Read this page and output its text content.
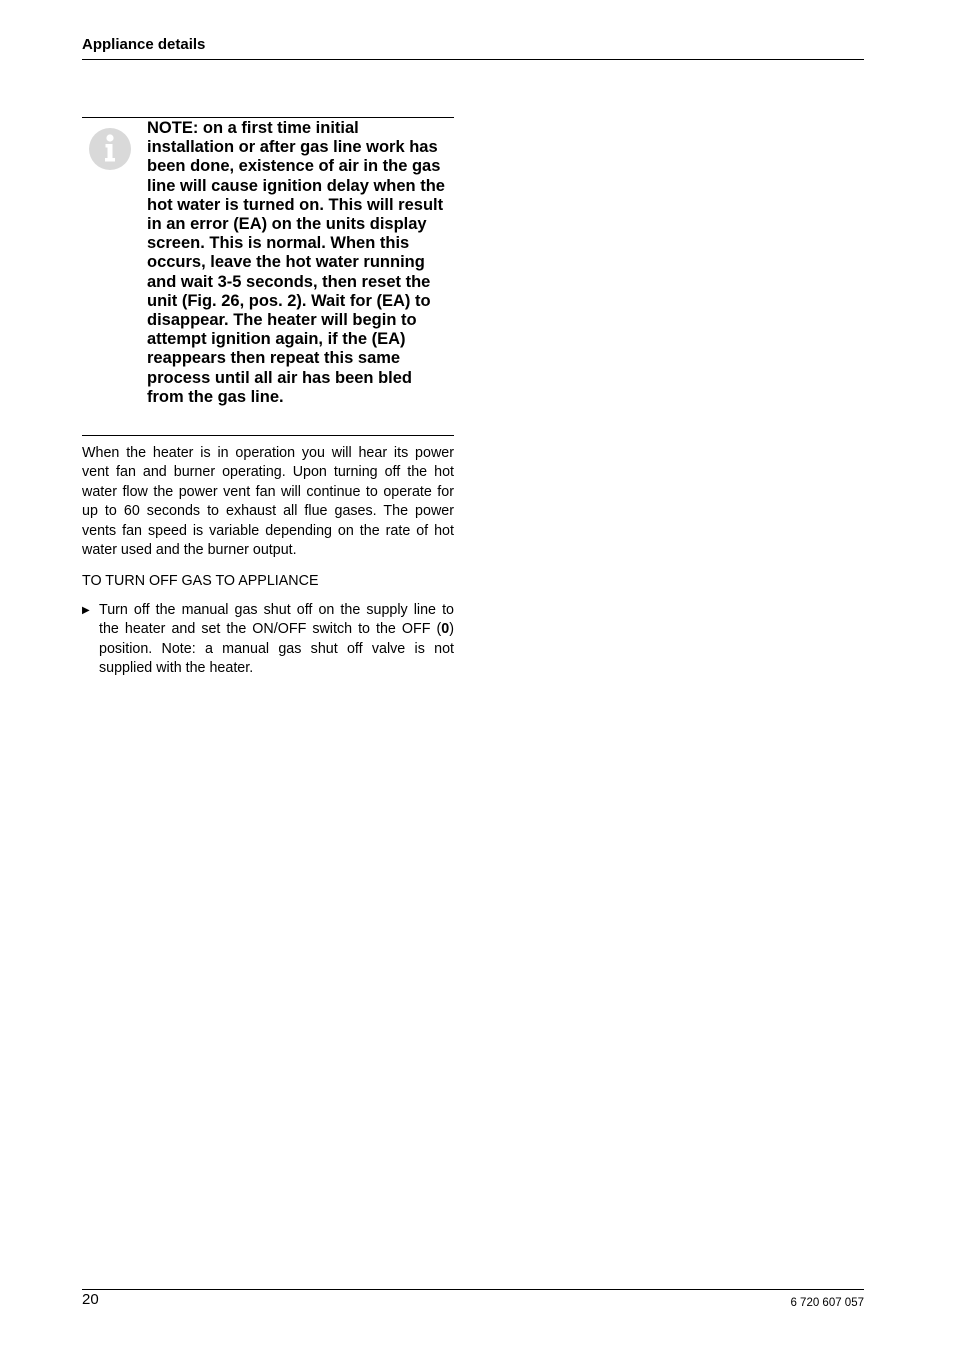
Appliance details

NOTE: on a first time initial installation or after gas line work has been done, existence of air in the gas line will cause ignition delay when the hot water is turned on. This will result in an error (EA) on the units display screen. This is normal. When this occurs, leave the hot water running and wait 3-5 seconds, then reset the unit (Fig. 26, pos. 2). Wait for (EA) to disappear. The heater will begin to attempt ignition again, if the (EA) reappears then repeat this same process until all air has been bled from the gas line.

When the heater is in operation you will hear its power vent fan and burner operating. Upon turning off the hot water flow the power vent fan will continue to operate for up to 60 seconds to exhaust all flue gases. The power vents fan speed is variable depending on the rate of hot water used and the burner output.

TO TURN OFF GAS TO APPLIANCE
▶ Turn off the manual gas shut off on the supply line to the heater and set the ON/OFF switch to the OFF (0) position. Note: a manual gas shut off valve is not supplied with the heater.

20	6 720 607 057
